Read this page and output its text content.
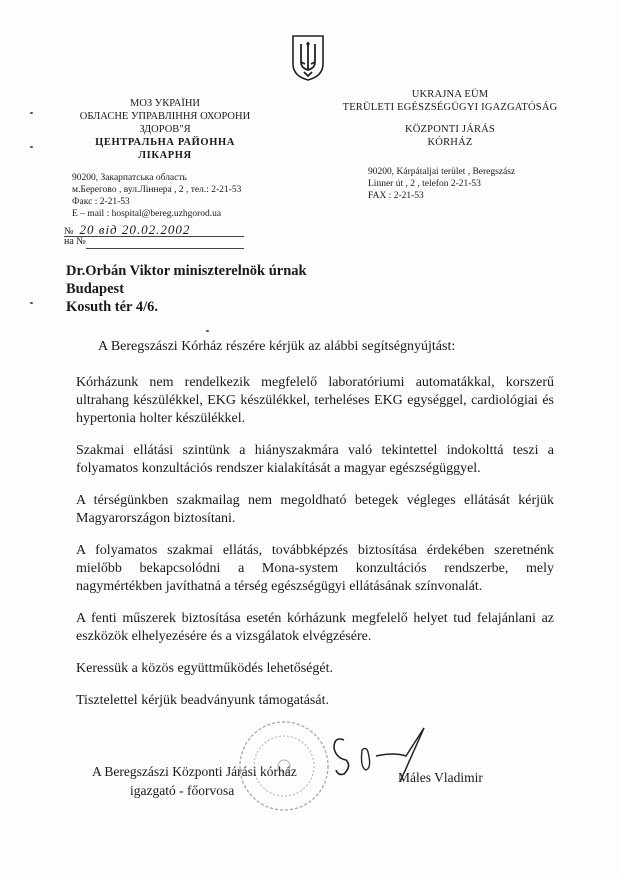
МОЗ УКРАЇНИ
ОБЛАСНЕ УПРАВЛІННЯ ОХОРОНИ
ЗДОРОВ"Я
ЦЕНТРАЛЬНА РАЙОННА
ЛІКАРНЯ
UKRAJNA EÜM
TERÜLETI EGÉSZSÉGÜGYI IGAZGATÓSÁG
KÖZPONTI JÁRÁS
KÓRHÁZ
90200, Закарпатська область
м.Берегово , вул.Ліннера , 2 , тел.: 2-21-53
Факс : 2-21-53
E – mail : hospital@bereg.uzhgorod.ua
90200, Kárpátaljai terület , Beregszász
Linner út , 2 , telefon 2-21-53
FAX : 2-21-53
№ 20 від 20.02.2002
на №
Dr.Orbán Viktor miniszterelnök úrnak
Budapest
Kosuth tér 4/6.

A Beregszászi Kórház részére kérjük az alábbi segítségnyújtást:

Kórházunk nem rendelkezik megfelelő laboratóriumi automatákkal, korszerű ultrahang készülékkel, EKG készülékkel, terheléses EKG egységgel, cardiológiai és hypertonia holter készülékkel.

Szakmai ellátási szintünk a hiányszakmára való tekintettel indokolttá teszi a folyamatos konzultációs rendszer kialakítását a magyar egészségüggyel.

A térségünkben szakmailag nem megoldható betegek végleges ellátását kérjük Magyarországon biztosítani.

A folyamatos szakmai ellátás, továbbképzés biztosítása érdekében szeretnénk mielőbb bekapcsolódni a Mona-system konzultációs rendszerbe, mely nagymértékben javíthatná a térség egészségügyi ellátásának színvonalát.

A fenti műszerek biztosítása esetén kórházunk megfelelő helyet tud felajánlani az eszközök elhelyezésére és a vizsgálatok elvégzésére.

Keressük a közös együttműködés lehetőségét.

Tisztelettel kérjük beadványunk támogatását.

A Beregszászi Központi Járási kórház
igazgató - főorvosa
Máles Vladimir
